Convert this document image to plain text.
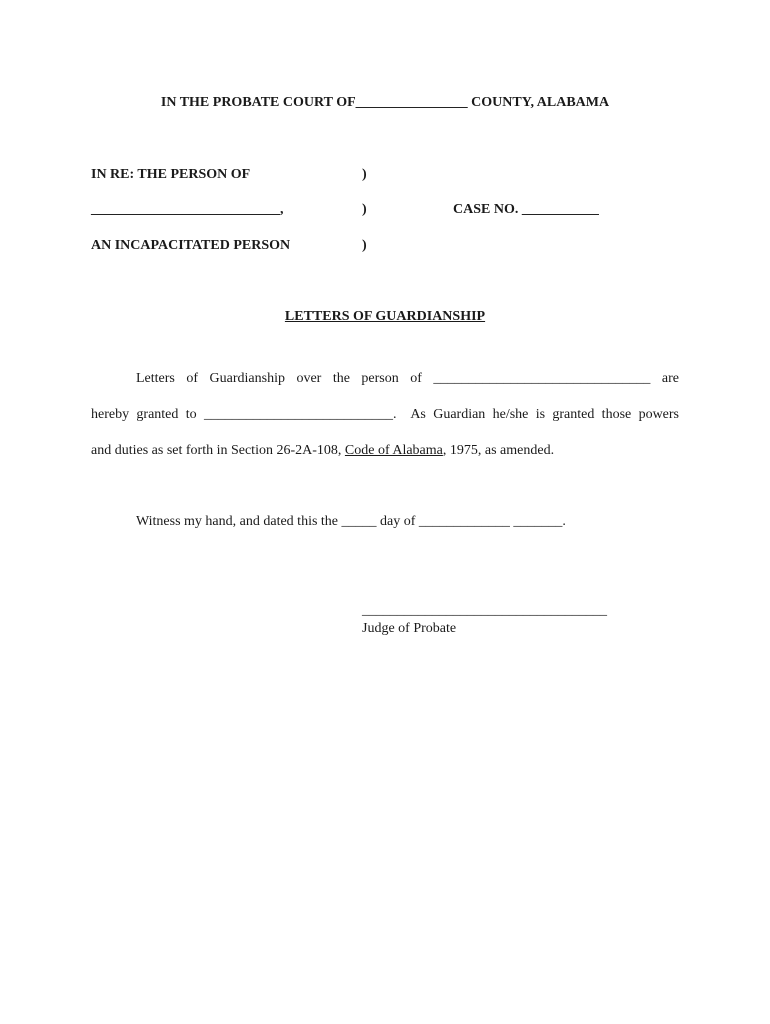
IN THE PROBATE COURT OF________________ COUNTY, ALABAMA
IN RE: THE PERSON OF	)
___________________________,	)	CASE NO. ___________
AN INCAPACITATED PERSON	)
LETTERS OF GUARDIANSHIP
Letters of Guardianship over the person of _______________________________ are
hereby granted to ___________________________.  As Guardian he/she is granted those powers
and duties as set forth in Section 26-2A-108, Code of Alabama, 1975, as amended.
Witness my hand, and dated this the _____ day of _____________ _______.
___________________________________
Judge of Probate
